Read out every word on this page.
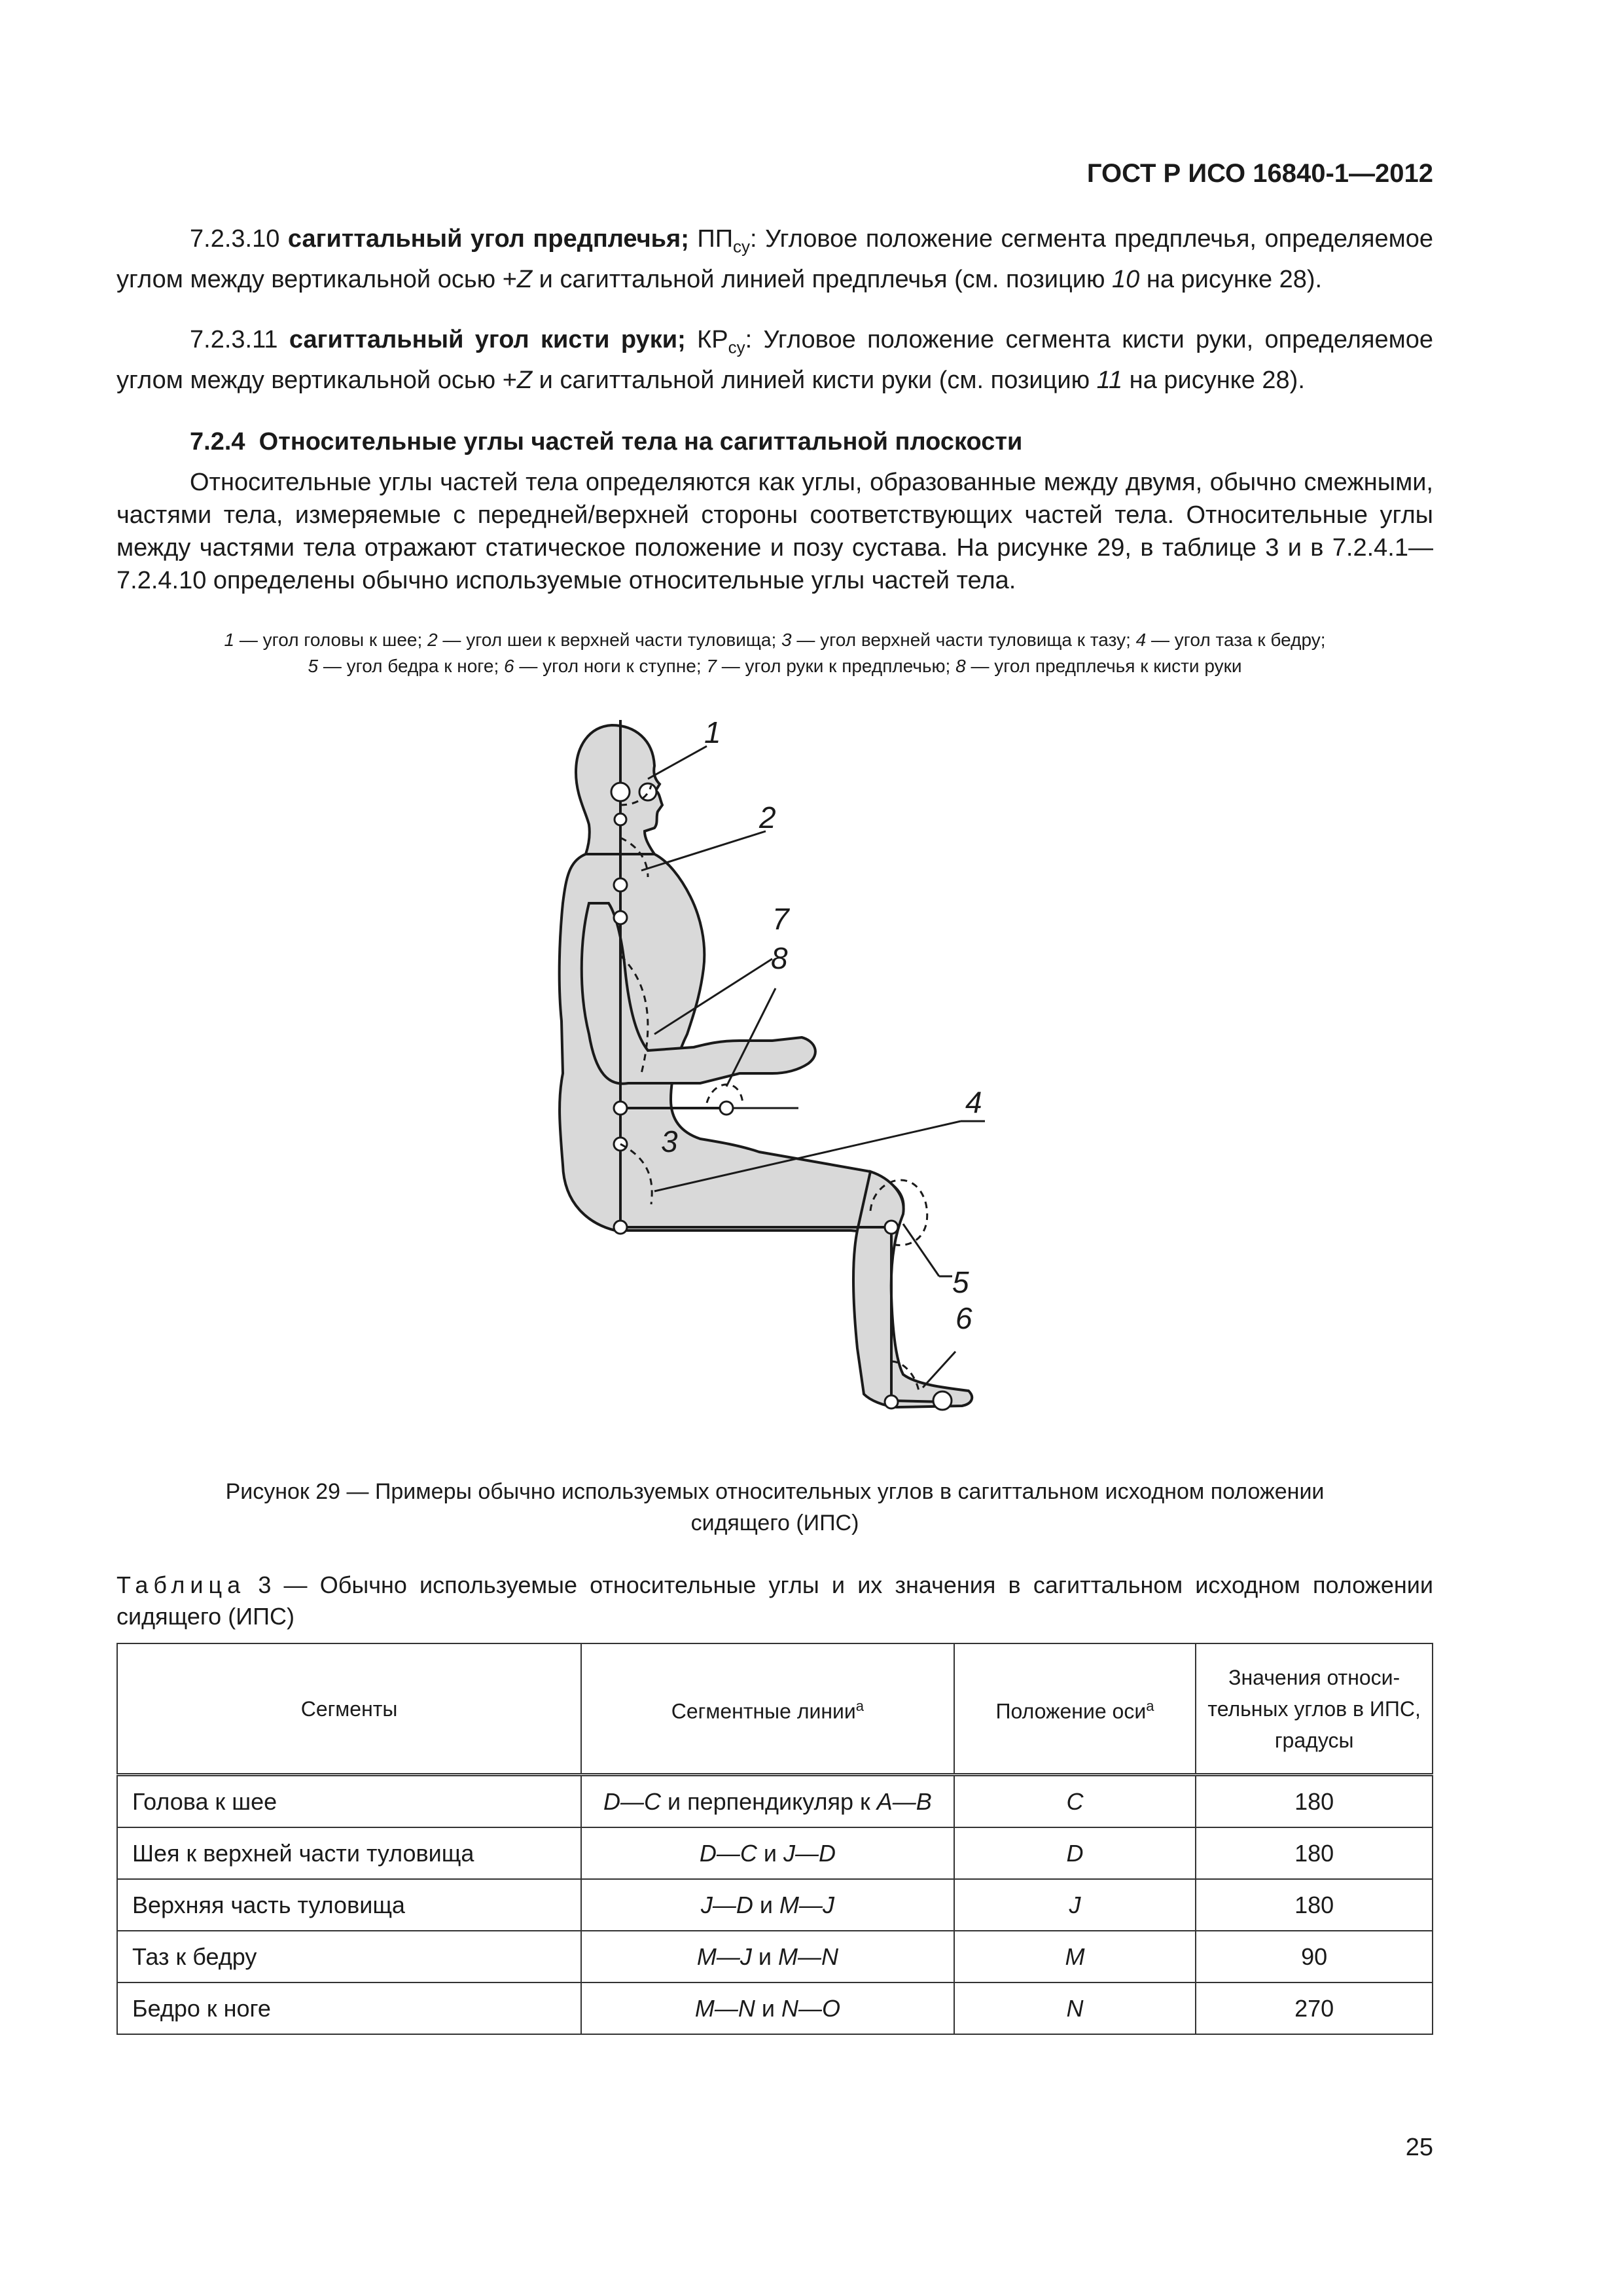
ГОСТ Р ИСО 16840-1—2012
7.2.3.10 сагиттальный угол предплечья; $ПП_{су}$: Угловое положение сегмента предплечья, определяемое углом между вертикальной осью +Z и сагиттальной линией предплечья (см. позицию 10 на рисунке 28).
7.2.3.11 сагиттальный угол кисти руки; $КР_{су}$: Угловое положение сегмента кисти руки, определяемое углом между вертикальной осью +Z и сагиттальной линией кисти руки (см. позицию 11 на рисунке 28).
7.2.4 Относительные углы частей тела на сагиттальной плоскости
Относительные углы частей тела определяются как углы, образованные между двумя, обычно смежными, частями тела, измеряемые с передней/верхней стороны соответствующих частей тела. Относительные углы между частями тела отражают статическое положение и позу сустава. На рисунке 29, в таблице 3 и в 7.2.4.1—7.2.4.10 определены обычно используемые относительные углы частей тела.
1 — угол головы к шее; 2 — угол шеи к верхней части туловища; 3 — угол верхней части туловища к тазу; 4 — угол таза к бедру;
5 — угол бедра к ноге; 6 — угол ноги к ступне; 7 — угол руки к предплечью; 8 — угол предплечья к кисти руки
1
2
3
4
5
6
7
8
Рисунок 29 — Примеры обычно используемых относительных углов в сагиттальном исходном положении
сидящего (ИПС)
Таблица 3 — Обычно используемые относительные углы и их значения в сагиттальном исходном положении сидящего (ИПС)
Сегменты	Сегментные линии$^а$	Положение оси$^а$	Значения относи-
тельных углов в ИПС,
градусы
Голова к шее	D—C и перпендикуляр к A—B	C	180
Шея к верхней части туловища	D—C и J—D	D	180
Верхняя часть туловища	J—D и M—J	J	180
Таз к бедру	M—J и M—N	M	90
Бедро к ноге	M—N и N—O	N	270
25
